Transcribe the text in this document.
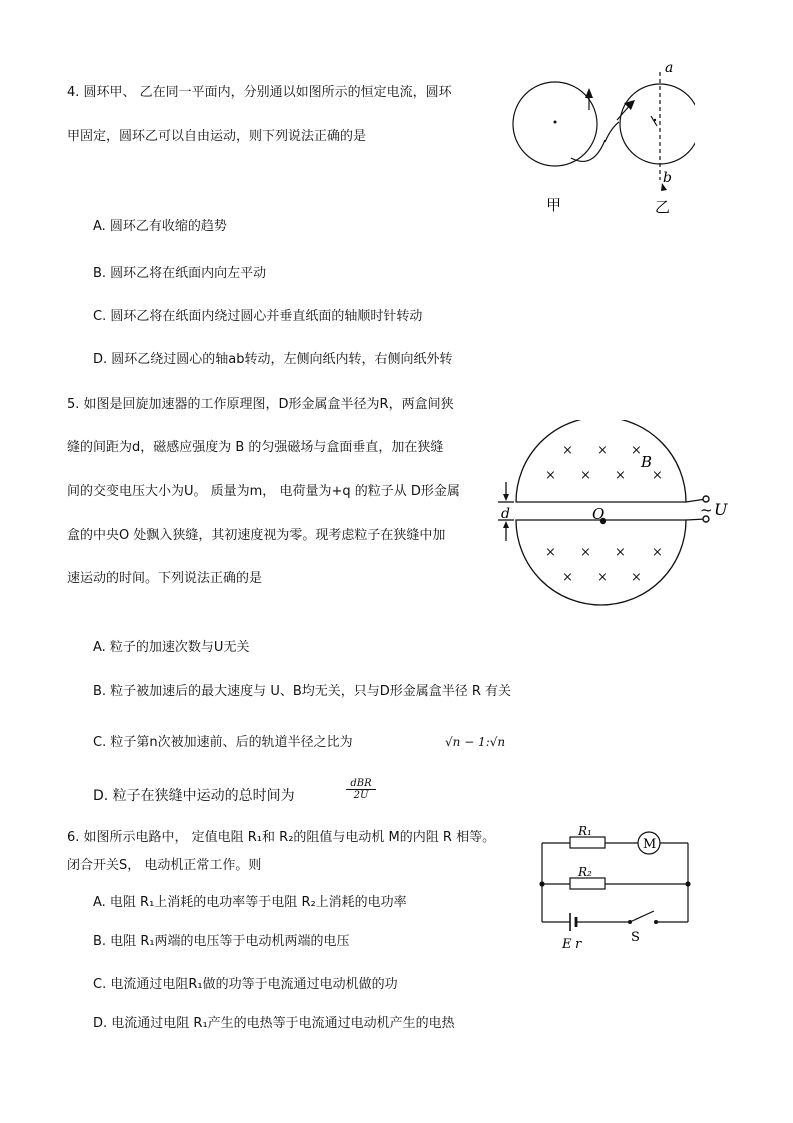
4. 圆环甲、 乙在同一平面内，分别通以如图所示的恒定电流，圆环
甲固定，圆环乙可以自由运动，则下列说法正确的是
a
b
甲	乙
A. 圆环乙有收缩的趋势
B. 圆环乙将在纸面内向左平动
C. 圆环乙将在纸面内绕过圆心并垂直纸面的轴顺时针转动
D. 圆环乙绕过圆心的轴ab转动，左侧向纸内转，右侧向纸外转
5. 如图是回旋加速器的工作原理图，D形金属盒半径为R，两盒间狭
缝的间距为d，磁感应强度为 B 的匀强磁场与盒面垂直，加在狭缝
间的交变电压大小为U。 质量为m， 电荷量为+q 的粒子从 D形金属
盒的中央O 处飘入狭缝，其初速度视为零。现考虑粒子在狭缝中加
速运动的时间。下列说法正确的是
× × ×
× × × ×
× × × ×
× × ×
B
O
d	~ U
A. 粒子的加速次数与U无关
B. 粒子被加速后的最大速度与 U、B均无关，只与D形金属盒半径 R 有关
C. 粒子第n次被加速前、后的轨道半径之比为	√n − 1:√n
D. 粒子在狭缝中运动的总时间为
dBR
2U
6. 如图所示电路中， 定值电阻 R₁和 R₂的阻值与电动机 M的内阻 R 相等。
闭合开关S， 电动机正常工作。则
R₁
M
R₂
E r	S
A. 电阻 R₁上消耗的电功率等于电阻 R₂上消耗的电功率
B. 电阻 R₁两端的电压等于电动机两端的电压
C. 电流通过电阻R₁做的功等于电流通过电动机做的功
D. 电流通过电阻 R₁产生的电热等于电流通过电动机产生的电热
